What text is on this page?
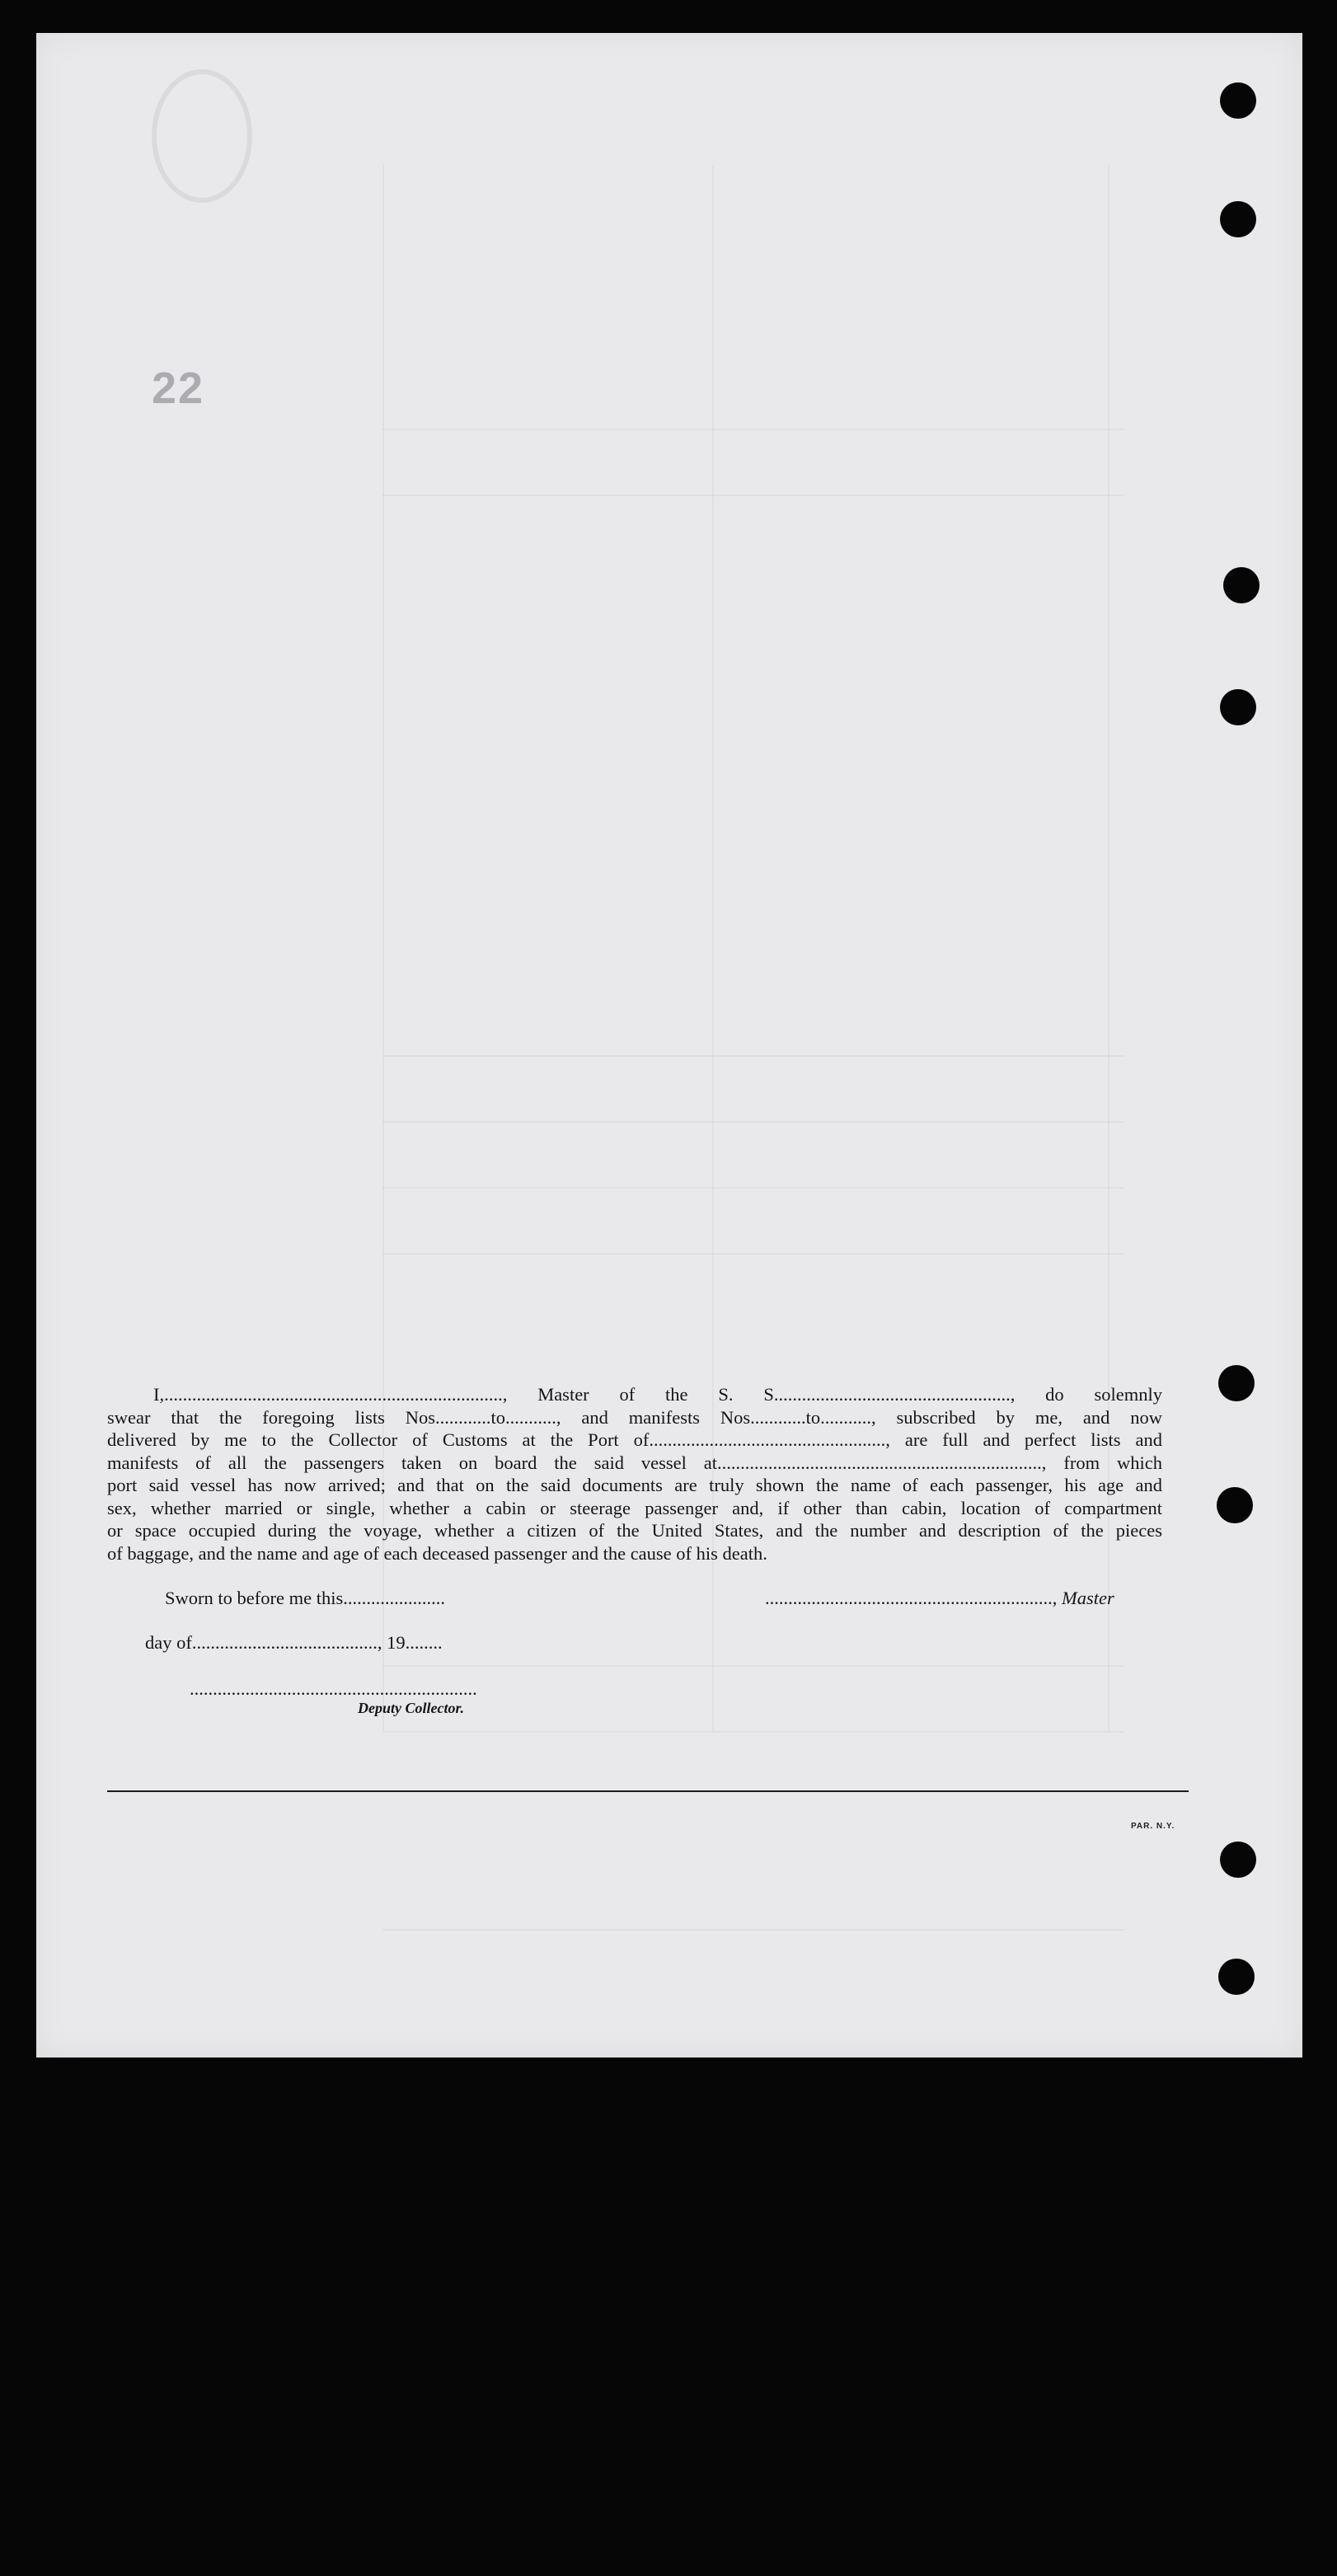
22

I,........................................................................., Master of the S. S..................................................., do solemnly

swear that the foregoing lists Nos............to..........., and manifests Nos............to..........., subscribed by me, and now

delivered by me to the Collector of Customs at the Port of..................................................., are full and perfect lists and

manifests of all the passengers taken on board the said vessel at......................................................................, from which

port said vessel has now arrived; and that on the said documents are truly shown the name of each passenger, his age and

sex, whether married or single, whether a cabin or steerage passenger and, if other than cabin, location of compartment

or space occupied during the voyage, whether a citizen of the United States, and the number and description of the pieces

of baggage, and the name and age of each deceased passenger and the cause of his death.

Sworn to before me this......................	.............................................................., Master
day of........................................, 19........
..............................................................
Deputy Collector.
PAR. N.Y.
